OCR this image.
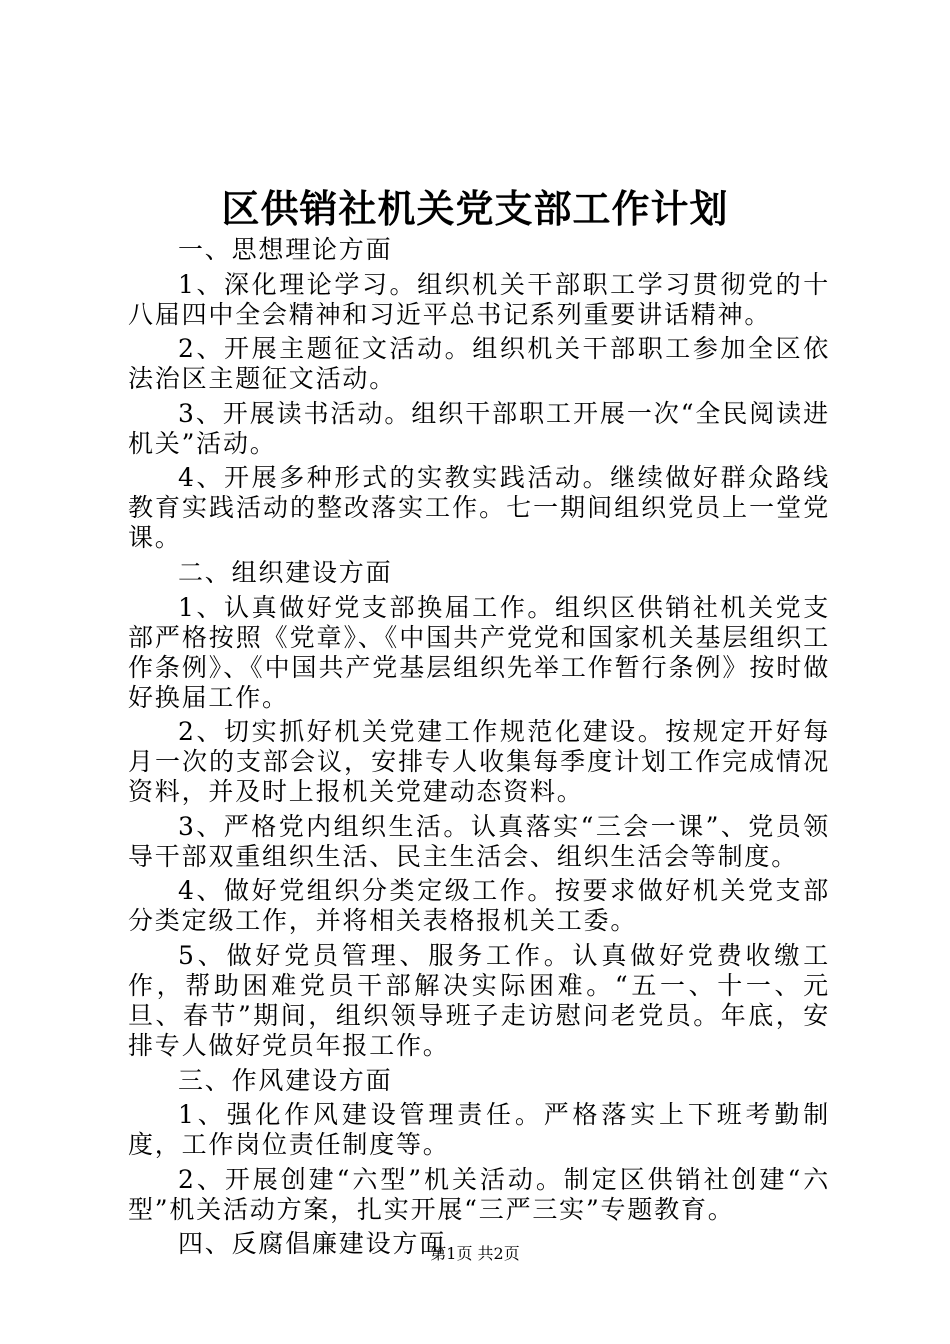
区供销社机关党支部工作计划

一、思想理论方面

1、深化理论学习。组织机关干部职工学习贯彻党的十八届四中全会精神和习近平总书记系列重要讲话精神。

2、开展主题征文活动。组织机关干部职工参加全区依法治区主题征文活动。

3、开展读书活动。组织干部职工开展一次“全民阅读进机关”活动。

4、开展多种形式的实教实践活动。继续做好群众路线教育实践活动的整改落实工作。七一期间组织党员上一堂党课。

二、组织建设方面

1、认真做好党支部换届工作。组织区供销社机关党支部严格按照《党章》、《中国共产党党和国家机关基层组织工作条例》、《中国共产党基层组织先举工作暂行条例》按时做好换届工作。

2、切实抓好机关党建工作规范化建设。按规定开好每月一次的支部会议，安排专人收集每季度计划工作完成情况资料，并及时上报机关党建动态资料。

3、严格党内组织生活。认真落实“三会一课”、党员领导干部双重组织生活、民主生活会、组织生活会等制度。

4、做好党组织分类定级工作。按要求做好机关党支部分类定级工作，并将相关表格报机关工委。

5、做好党员管理、服务工作。认真做好党费收缴工作，帮助困难党员干部解决实际困难。“五一、十一、元旦、春节”期间，组织领导班子走访慰问老党员。年底，安排专人做好党员年报工作。

三、作风建设方面

1、强化作风建设管理责任。严格落实上下班考勤制度，工作岗位责任制度等。

2、开展创建“六型”机关活动。制定区供销社创建“六型”机关活动方案，扎实开展“三严三实”专题教育。

四、反腐倡廉建设方面

第1页 共2页
